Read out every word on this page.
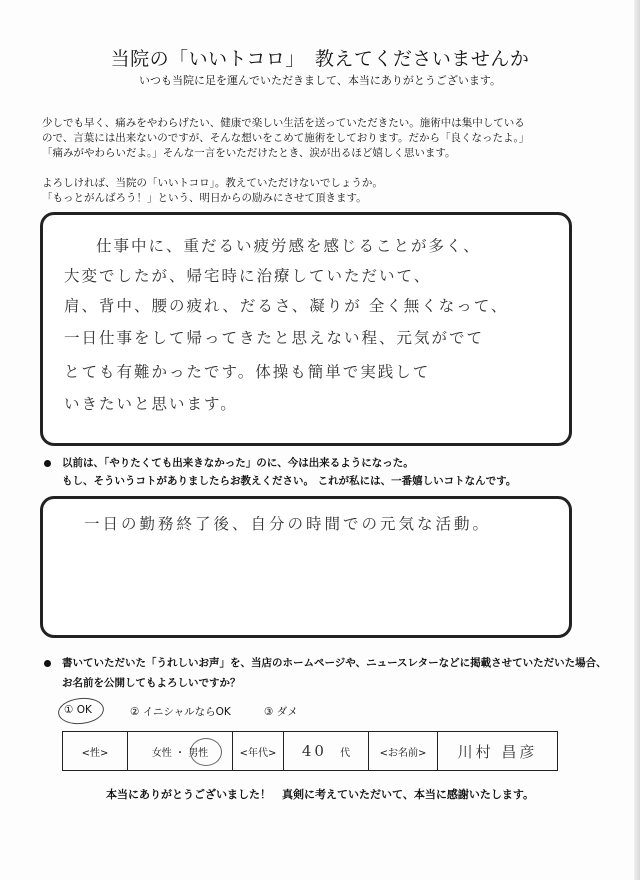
当院の「いいトコロ」　教えてくださいませんか
いつも当院に足を運んでいただきまして、本当にありがとうございます。
少しでも早く、痛みをやわらげたい、健康で楽しい生活を送っていただきたい。施術中は集中している
ので、言葉には出来ないのですが、そんな想いをこめて施術をしております。だから「良くなったよ。」
「痛みがやわらいだよ。」そんな一言をいただけたとき、涙が出るほど嬉しく思います。
よろしければ、当院の「いいトコロ」。教えていただけないでしょうか。
「もっとがんばろう！」という、明日からの励みにさせて頂きます。
仕事中に、重だるい疲労感を感じることが多く、
大変でしたが、帰宅時に治療していただいて、
肩、背中、腰の疲れ、だるさ、凝りが 全く無くなって、
一日仕事をして帰ってきたと思えない程、元気がでて
とても有難かったです。体操も簡単で実践して
いきたいと思います。
以前は、「やりたくても出来きなかった」のに、今は出来るようになった。
もし、そういうコトがありましたらお教えください。 これが私には、一番嬉しいコトなんです。
一日の勤務終了後、自分の時間での元気な活動。
書いていただいた「うれしいお声」を、当店のホームページや、ニュースレターなどに掲載させていただいた場合、
お名前を公開してもよろしいですか？
① OK	② イニシャルならOK	③ ダメ
<性>	女性 ・ 男性	<年代>	40 代	<お名前>	川村 昌彦
本当にありがとうございました！　真剣に考えていただいて、本当に感謝いたします。
